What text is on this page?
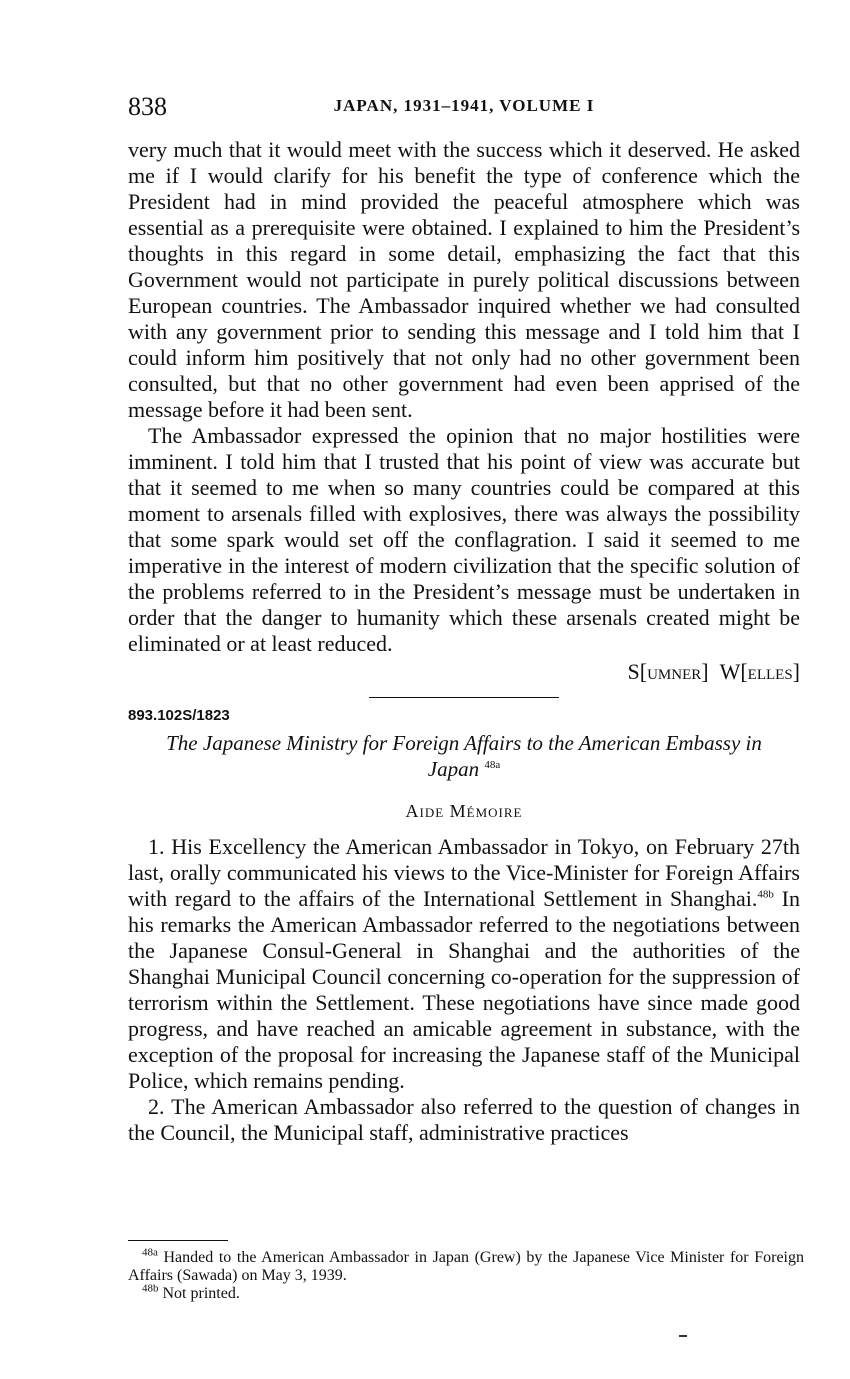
838	JAPAN, 1931–1941, VOLUME I

very much that it would meet with the success which it deserved. He asked me if I would clarify for his benefit the type of conference which the President had in mind provided the peaceful atmosphere which was essential as a prerequisite were obtained. I explained to him the President’s thoughts in this regard in some detail, emphasizing the fact that this Government would not participate in purely political discussions between European countries. The Ambassador inquired whether we had consulted with any government prior to sending this message and I told him that I could inform him positively that not only had no other government been consulted, but that no other government had even been apprised of the message before it had been sent.

The Ambassador expressed the opinion that no major hostilities were imminent. I told him that I trusted that his point of view was accurate but that it seemed to me when so many countries could be compared at this moment to arsenals filled with explosives, there was always the possibility that some spark would set off the conflagration. I said it seemed to me imperative in the interest of modern civilization that the specific solution of the problems referred to in the President’s message must be undertaken in order that the danger to humanity which these arsenals created might be eliminated or at least reduced.

S[umner] W[elles]
893.102S/1823
The Japanese Ministry for Foreign Affairs to the American Embassy in Japan $^{48a}$
Aide Mémoire

1. His Excellency the American Ambassador in Tokyo, on February 27th last, orally communicated his views to the Vice-Minister for Foreign Affairs with regard to the affairs of the International Settlement in Shanghai.$^{48b}$ In his remarks the American Ambassador referred to the negotiations between the Japanese Consul-General in Shanghai and the authorities of the Shanghai Municipal Council concerning co-operation for the suppression of terrorism within the Settlement. These negotiations have since made good progress, and have reached an amicable agreement in substance, with the exception of the proposal for increasing the Japanese staff of the Municipal Police, which remains pending.

2. The American Ambassador also referred to the question of changes in the Council, the Municipal staff, administrative practices

$^{48a}$ Handed to the American Ambassador in Japan (Grew) by the Japanese Vice Minister for Foreign Affairs (Sawada) on May 3, 1939.

$^{48b}$ Not printed.
